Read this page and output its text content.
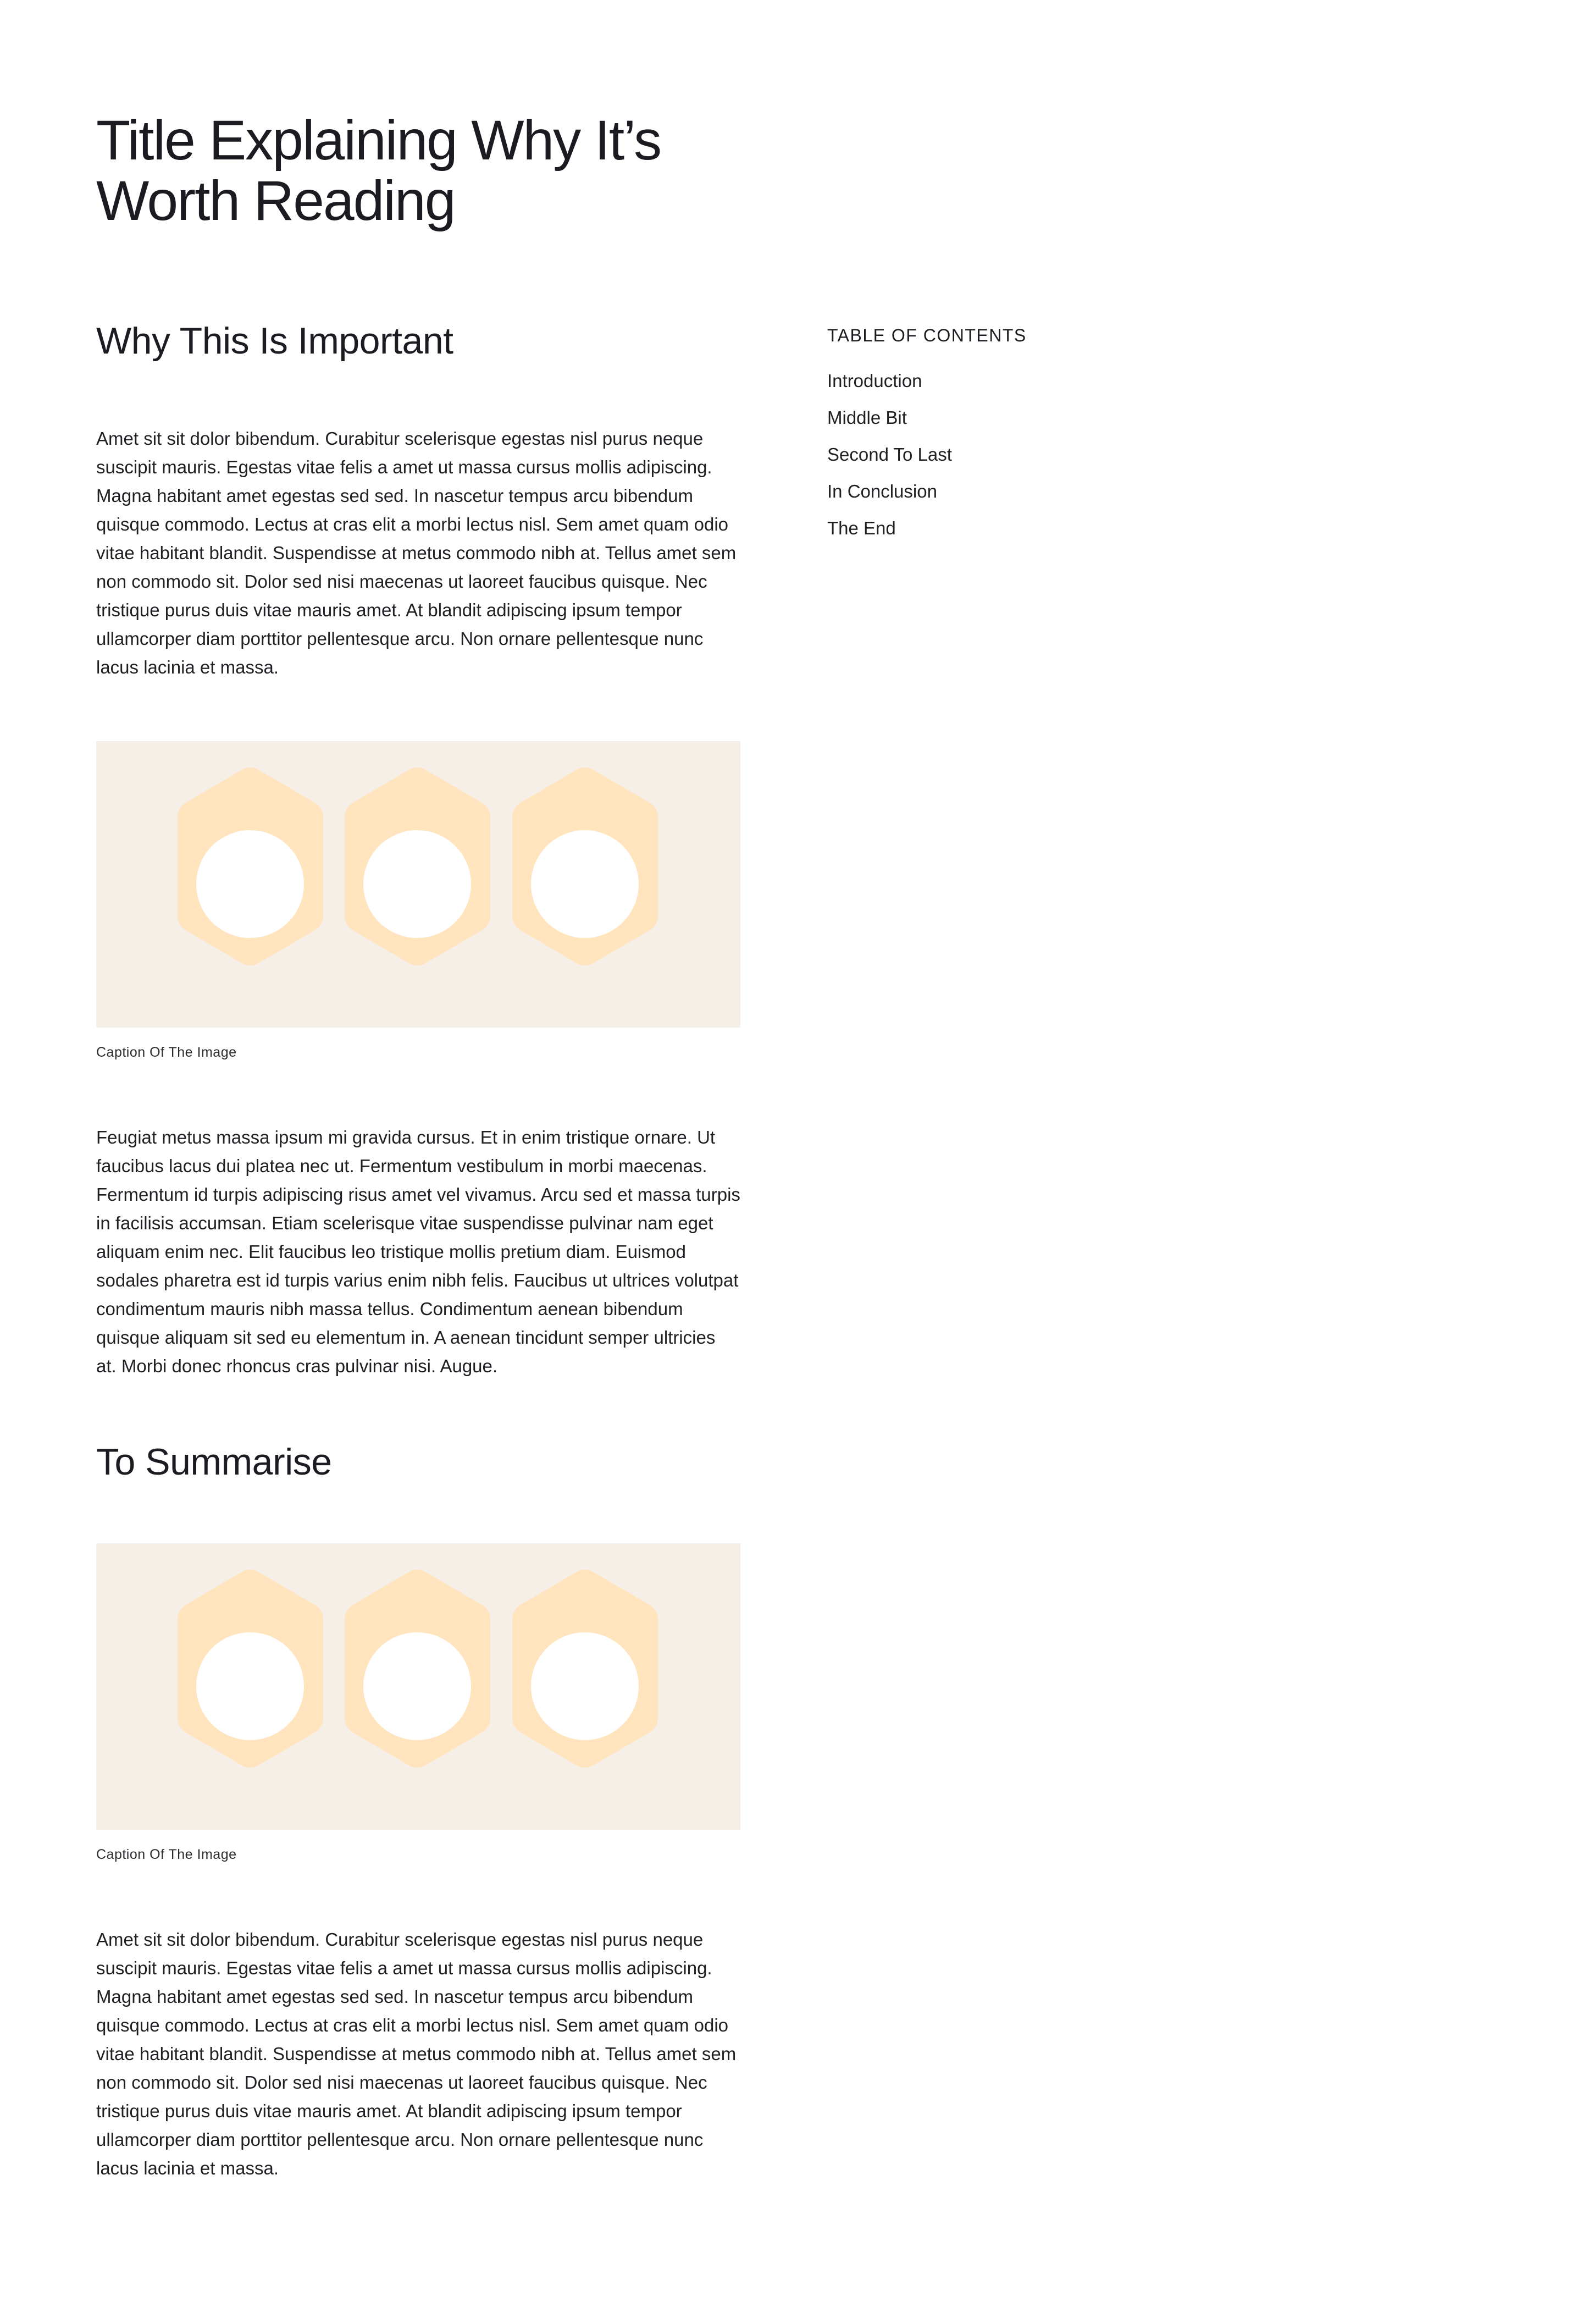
Title Explaining Why It’s Worth Reading
Why This Is Important

Amet sit sit dolor bibendum. Curabitur scelerisque egestas nisl purus neque suscipit mauris. Egestas vitae felis a amet ut massa cursus mollis adipiscing. Magna habitant amet egestas sed sed. In nascetur tempus arcu bibendum quisque commodo. Lectus at cras elit a morbi lectus nisl. Sem amet quam odio vitae habitant blandit. Suspendisse at metus commodo nibh at. Tellus amet sem non commodo sit. Dolor sed nisi maecenas ut laoreet faucibus quisque. Nec tristique purus duis vitae mauris amet. At blandit adipiscing ipsum tempor ullamcorper diam porttitor pellentesque arcu. Non ornare pellentesque nunc lacus lacinia et massa.

Caption Of The Image

Feugiat metus massa ipsum mi gravida cursus. Et in enim tristique ornare. Ut faucibus lacus dui platea nec ut. Fermentum vestibulum in morbi maecenas. Fermentum id turpis adipiscing risus amet vel vivamus. Arcu sed et massa turpis in facilisis accumsan. Etiam scelerisque vitae suspendisse pulvinar nam eget aliquam enim nec. Elit faucibus leo tristique mollis pretium diam. Euismod sodales pharetra est id turpis varius enim nibh felis. Faucibus ut ultrices volutpat condimentum mauris nibh massa tellus. Condimentum aenean bibendum quisque aliquam sit sed eu elementum in. A aenean tincidunt semper ultricies at. Morbi donec rhoncus cras pulvinar nisi. Augue.

To Summarise
Caption Of The Image

Amet sit sit dolor bibendum. Curabitur scelerisque egestas nisl purus neque suscipit mauris. Egestas vitae felis a amet ut massa cursus mollis adipiscing. Magna habitant amet egestas sed sed. In nascetur tempus arcu bibendum quisque commodo. Lectus at cras elit a morbi lectus nisl. Sem amet quam odio vitae habitant blandit. Suspendisse at metus commodo nibh at. Tellus amet sem non commodo sit. Dolor sed nisi maecenas ut laoreet faucibus quisque. Nec tristique purus duis vitae mauris amet. At blandit adipiscing ipsum tempor ullamcorper diam porttitor pellentesque arcu. Non ornare pellentesque nunc lacus lacinia et massa.

TABLE OF CONTENTS
Introduction
Middle Bit
Second To Last
In Conclusion
The End
